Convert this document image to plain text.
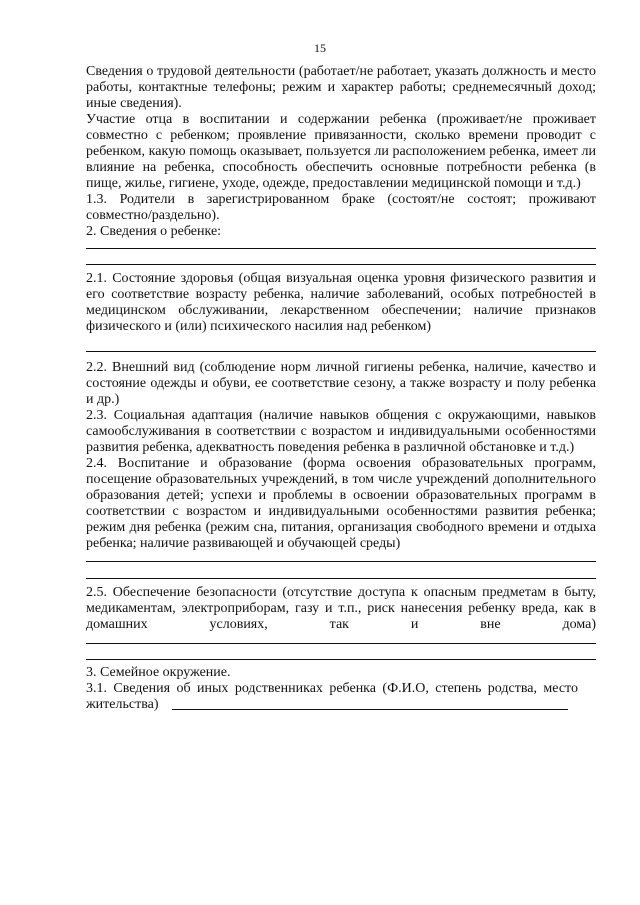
15

Сведения о трудовой деятельности (работает/не работает, указать должность и место работы, контактные телефоны; режим и характер работы; среднемесячный доход; иные сведения).

Участие отца в воспитании и содержании ребенка (проживает/не проживает совместно с ребенком; проявление привязанности, сколько времени проводит с ребенком, какую помощь оказывает, пользуется ли расположением ребенка, имеет ли влияние на ребенка, способность обеспечить основные потребности ребенка (в пище, жилье, гигиене, уходе, одежде, предоставлении медицинской помощи и т.д.)

1.3. Родители в зарегистрированном браке (состоят/не состоят; проживают совместно/раздельно).

2. Сведения о ребенке:

2.1. Состояние здоровья (общая визуальная оценка уровня физического развития и его соответствие возрасту ребенка, наличие заболеваний, особых потребностей в медицинском обслуживании, лекарственном обеспечении; наличие признаков физического и (или) психического насилия над ребенком)

2.2. Внешний вид (соблюдение норм личной гигиены ребенка, наличие, качество и состояние одежды и обуви, ее соответствие сезону, а также возрасту и полу ребенка и др.)

2.3. Социальная адаптация (наличие навыков общения с окружающими, навыков самообслуживания в соответствии с возрастом и индивидуальными особенностями развития ребенка, адекватность поведения ребенка в различной обстановке и т.д.)

2.4. Воспитание и образование (форма освоения образовательных программ, посещение образовательных учреждений, в том числе учреждений дополнительного образования детей; успехи и проблемы в освоении образовательных программ в соответствии с возрастом и индивидуальными особенностями развития ребенка; режим дня ребенка (режим сна, питания, организация свободного времени и отдыха ребенка; наличие развивающей и обучающей среды)

2.5. Обеспечение безопасности (отсутствие доступа к опасным предметам в быту, медикаментам, электроприборам, газу и т.п., риск нанесения ребенку вреда, как в домашних условиях, так и вне дома)

3. Семейное окружение.

3.1. Сведения об иных родственниках ребенка (Ф.И.О, степень родства, место жительства)
